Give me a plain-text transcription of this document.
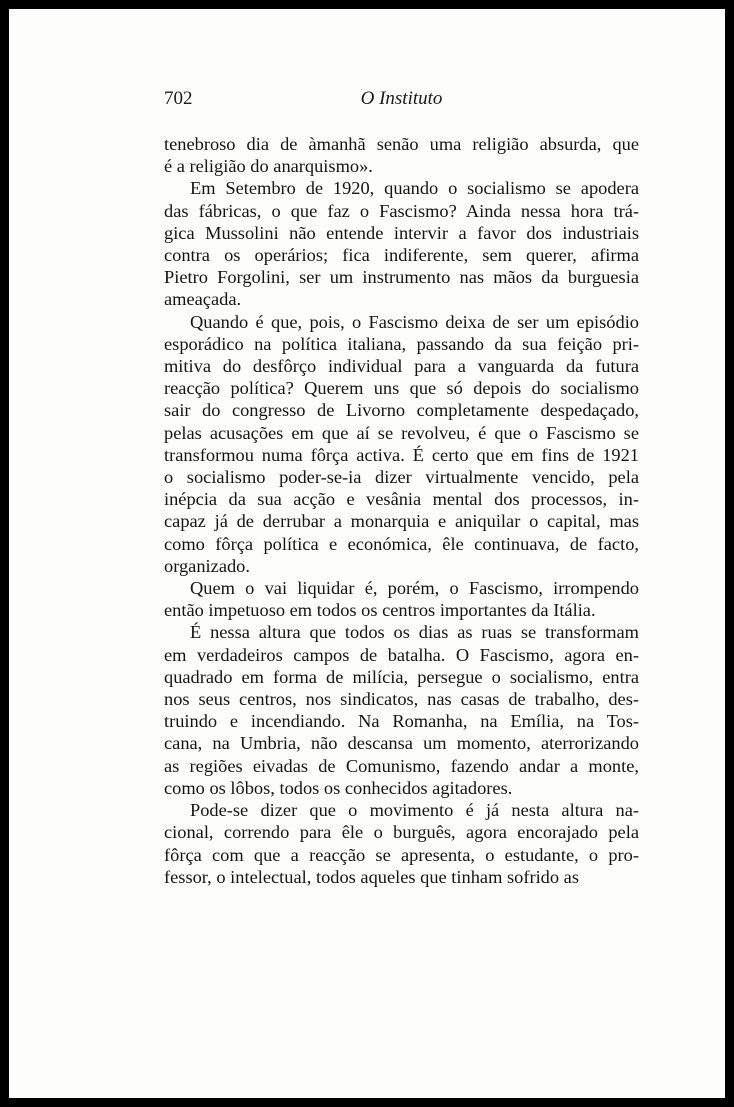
702	O Instituto

tenebroso dia de àmanhã senão uma religião absurda, que
é a religião do anarquismo».

Em Setembro de 1920, quando o socialismo se apodera
das fábricas, o que faz o Fascismo? Ainda nessa hora trá-
gica Mussolini não entende intervir a favor dos industriais
contra os operários; fica indiferente, sem querer, afirma
Pietro Forgolini, ser um instrumento nas mãos da burguesia
ameaçada.

Quando é que, pois, o Fascismo deixa de ser um episódio
esporádico na política italiana, passando da sua feição pri-
mitiva do desfôrço individual para a vanguarda da futura
reacção política? Querem uns que só depois do socialismo
sair do congresso de Livorno completamente despedaçado,
pelas acusações em que aí se revolveu, é que o Fascismo se
transformou numa fôrça activa. É certo que em fins de 1921
o socialismo poder-se-ia dizer virtualmente vencido, pela
inépcia da sua acção e vesânia mental dos processos, in-
capaz já de derrubar a monarquia e aniquilar o capital, mas
como fôrça política e económica, êle continuava, de facto,
organizado.

Quem o vai liquidar é, porém, o Fascismo, irrompendo
então impetuoso em todos os centros importantes da Itália.

É nessa altura que todos os dias as ruas se transformam
em verdadeiros campos de batalha. O Fascismo, agora en-
quadrado em forma de milícia, persegue o socialismo, entra
nos seus centros, nos sindicatos, nas casas de trabalho, des-
truindo e incendiando. Na Romanha, na Emília, na Tos-
cana, na Umbria, não descansa um momento, aterrorizando
as regiões eivadas de Comunismo, fazendo andar a monte,
como os lôbos, todos os conhecidos agitadores.

Pode-se dizer que o movimento é já nesta altura na-
cional, correndo para êle o burguês, agora encorajado pela
fôrça com que a reacção se apresenta, o estudante, o pro-
fessor, o intelectual, todos aqueles que tinham sofrido as
